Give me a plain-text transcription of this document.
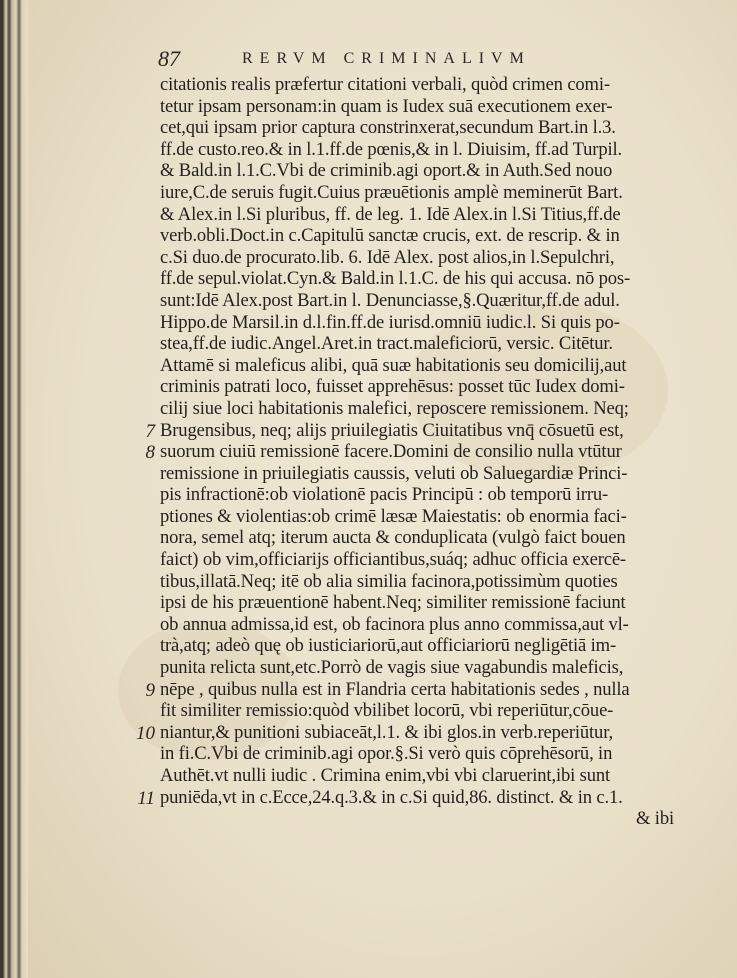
87	RERVM CRIMINALIVM
citationis realis præfertur citationi verbali, quòd crimen comi-
tetur ipsam personam:in quam is Iudex suā executionem exer-
cet,qui ipsam prior captura constrinxerat,secundum Bart.in l.3.
ff.de custo.reo.& in l.1.ff.de pœnis,& in l. Diuisim, ff.ad Turpil.
& Bald.in l.1.C.Vbi de criminib.agi oport.& in Auth.Sed nouo
iure,C.de seruis fugit.Cuius præuētionis amplè meminerūt Bart.
& Alex.in l.Si pluribus, ff. de leg. 1. Idē Alex.in l.Si Titius,ff.de
verb.obli.Doct.in c.Capitulū sanctæ crucis, ext. de rescrip. & in
c.Si duo.de procurato.lib. 6. Idē Alex. post alios,in l.Sepulchri,
ff.de sepul.violat.Cyn.& Bald.in l.1.C. de his qui accusa. nō pos-
sunt:Idē Alex.post Bart.in l. Denunciasse,§.Quæritur,ff.de adul.
Hippo.de Marsil.in d.l.fin.ff.de iurisd.omniū iudic.l. Si quis po-
stea,ff.de iudic.Angel.Aret.in tract.maleficiorū, versic. Citētur.
Attamē si maleficus alibi, quā suæ habitationis seu domicilij,aut
criminis patrati loco, fuisset apprehēsus: posset tūc Iudex domi-
cilij siue loci habitationis malefici, reposcere remissionem. Neq;
Brugensibus, neq; alijs priuilegiatis Ciuitatibus vnq̄ cōsuetū est,
suorum ciuiū remissionē facere.Domini de consilio nulla vtūtur
remissione in priuilegiatis caussis, veluti ob Saluegardiæ Princi-
pis infractionē:ob violationē pacis Principū : ob temporū irru-
ptiones & violentias:ob crimē læsæ Maiestatis: ob enormia faci-
nora, semel atq; iterum aucta & conduplicata (vulgò faict bouen
faict) ob vim,officiarijs officiantibus,suáq; adhuc officia exercē-
tibus,illatā.Neq; itē ob alia similia facinora,potissimùm quoties
ipsi de his præuentionē habent.Neq; similiter remissionē faciunt
ob annua admissa,id est, ob facinora plus anno commissa,aut vl-
trà,atq; adeò quę ob iusticiariorū,aut officiariorū negligētiā im-
punita relicta sunt,etc.Porrò de vagis siue vagabundis maleficis,
nēpe , quibus nulla est in Flandria certa habitationis sedes , nulla
fit similiter remissio:quòd vbilibet locorū, vbi reperiūtur,cōue-
niantur,& punitioni subiaceāt,l.1. & ibi glos.in verb.reperiūtur,
in fi.C.Vbi de criminib.agi opor.§.Si verò quis cōprehēsorū, in
Authēt.vt nulli iudic . Crimina enim,vbi vbi claruerint,ibi sunt
puniēda,vt in c.Ecce,24.q.3.& in c.Si quid,86. distinct. & in c.1.
& ibi
7
8
9
10
11
